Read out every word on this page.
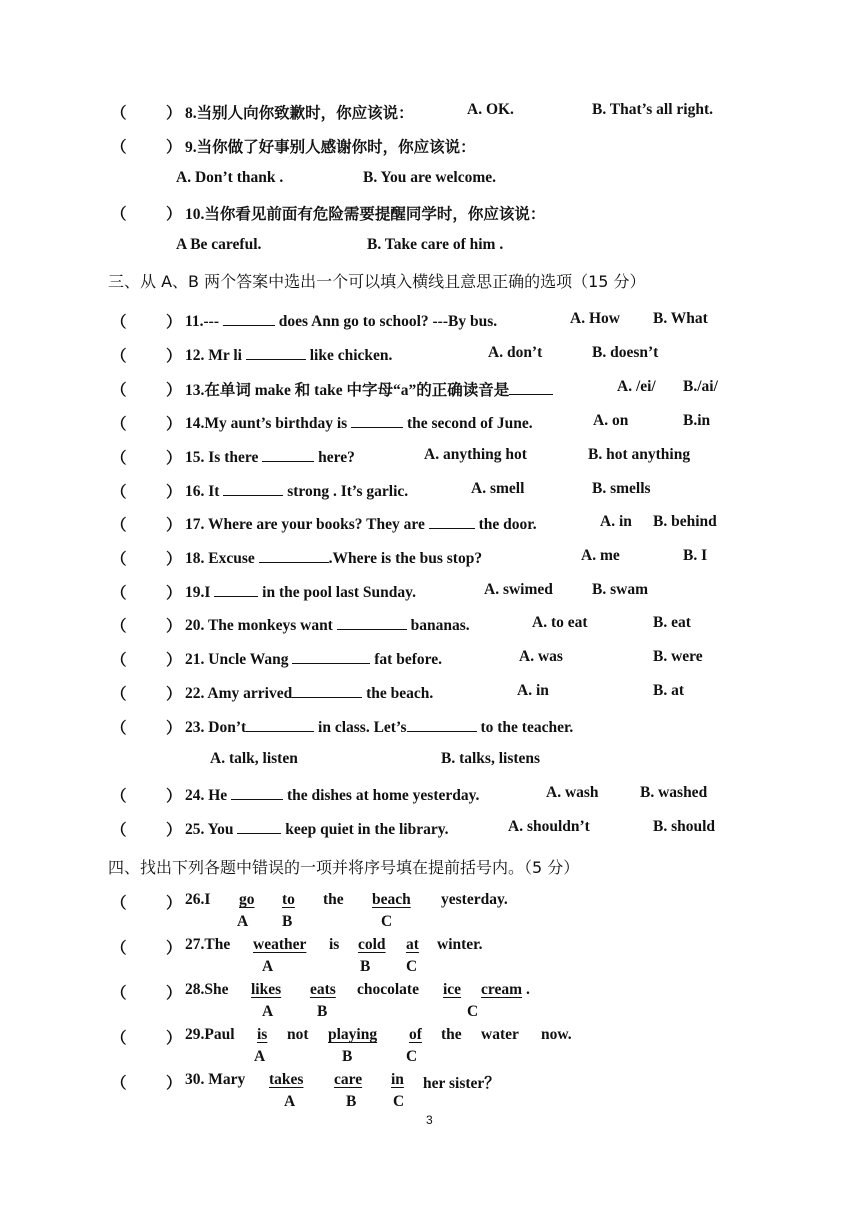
（	） 8.当别人向你致歉时，你应该说：	A. OK.	B. That’s all right.
（	） 9.当你做了好事别人感谢你时，你应该说：
A. Don’t thank .	B. You are welcome.
（	） 10.当你看见前面有危险需要提醒同学时，你应该说：
A Be careful.	B. Take care of him .
三、从 A、B 两个答案中选出一个可以填入横线且意思正确的选项（15 分）
（	） 11.---	does Ann go to school? ---By bus.	A. How B. What
（	） 12. Mr li	like chicken.	A. don’t	B. doesn’t
（	） 13.在单词 make 和 take 中字母“a”的正确读音是	A. /ei/ B./ai/
（	） 14.My aunt’s birthday is	the second of June.	A. on	B.in
（	） 15. Is there	here?	A. anything hot	B. hot anything
（	） 16. It	strong . It’s garlic.	A. smell	B. smells
（	） 17. Where are your books? They are	the door.	A. in B. behind
（	） 18. Excuse	.Where is the bus stop?	A. me	B. I
（	） 19.I	in the pool last Sunday.	A. swimed	B. swam
（	） 20. The monkeys want	bananas.	A. to eat	B. eat
（	） 21. Uncle Wang	fat before.	A. was	B. were
（	） 22. Amy arrived	the beach.	A. in	B. at
（	） 23. Don’t	in class. Let’s	to the teacher.
A. talk, listen	B. talks, listens
（	） 24. He	the dishes at home yesterday.	A. wash	B. washed
（	） 25. You	keep quiet in the library.	A. shouldn’t	B. should
四、找出下列各题中错误的一项并将序号填在提前括号内。（5 分）
（	） 26.I go to the beach yesterday.
A B	C
（	） 27.The weather is cold at winter.
A	B C
（	） 28.She likes eats chocolate ice cream .
A	B	C
（	） 29.Paul is not playing of the water now.
A	B	C
（	） 30. Mary takes care in her sister？
A	B C
3
